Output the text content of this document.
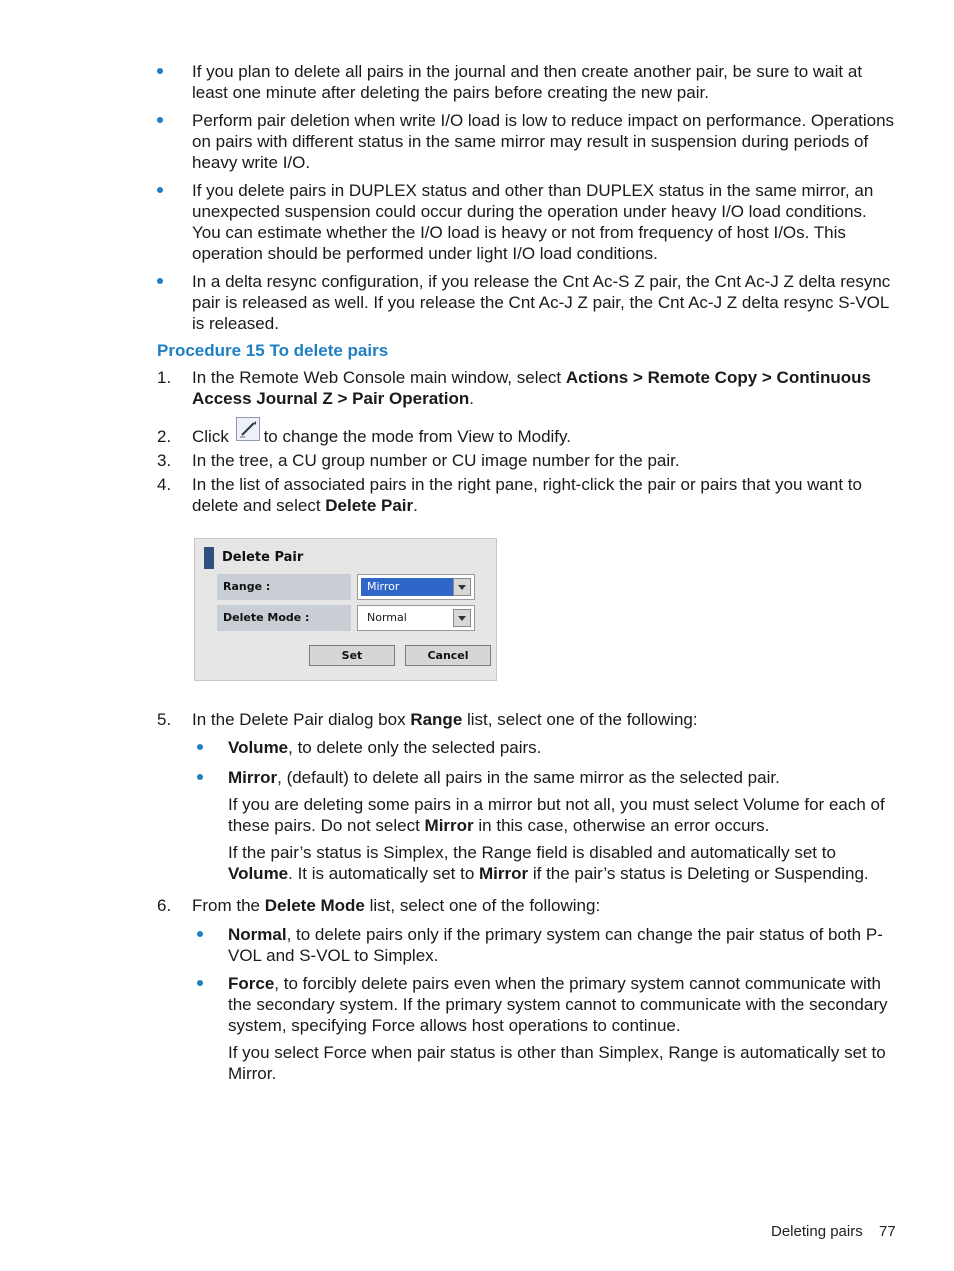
If you plan to delete all pairs in the journal and then create another pair, be sure to wait at least one minute after deleting the pairs before creating the new pair.
Perform pair deletion when write I/O load is low to reduce impact on performance. Operations on pairs with different status in the same mirror may result in suspension during periods of heavy write I/O.
If you delete pairs in DUPLEX status and other than DUPLEX status in the same mirror, an unexpected suspension could occur during the operation under heavy I/O load conditions. You can estimate whether the I/O load is heavy or not from frequency of host I/Os. This operation should be performed under light I/O load conditions.
In a delta resync configuration, if you release the Cnt Ac-S Z pair, the Cnt Ac-J Z delta resync pair is released as well. If you release the Cnt Ac-J Z pair, the Cnt Ac-J Z delta resync S-VOL is released.
Procedure 15 To delete pairs
1. In the Remote Web Console main window, select Actions > Remote Copy > Continuous Access Journal Z > Pair Operation.
2. Click to change the mode from View to Modify.
3. In the tree, a CU group number or CU image number for the pair.
4. In the list of associated pairs in the right pane, right-click the pair or pairs that you want to delete and select Delete Pair.
Delete Pair
Range :	Mirror
Delete Mode :	Normal
Set	Cancel
5. In the Delete Pair dialog box Range list, select one of the following:
Volume, to delete only the selected pairs.
Mirror, (default) to delete all pairs in the same mirror as the selected pair.
If you are deleting some pairs in a mirror but not all, you must select Volume for each of these pairs. Do not select Mirror in this case, otherwise an error occurs.
If the pair’s status is Simplex, the Range field is disabled and automatically set to Volume. It is automatically set to Mirror if the pair’s status is Deleting or Suspending.
6. From the Delete Mode list, select one of the following:
Normal, to delete pairs only if the primary system can change the pair status of both P-VOL and S-VOL to Simplex.
Force, to forcibly delete pairs even when the primary system cannot communicate with the secondary system. If the primary system cannot to communicate with the secondary system, specifying Force allows host operations to continue.
If you select Force when pair status is other than Simplex, Range is automatically set to Mirror.
Deleting pairs 77
